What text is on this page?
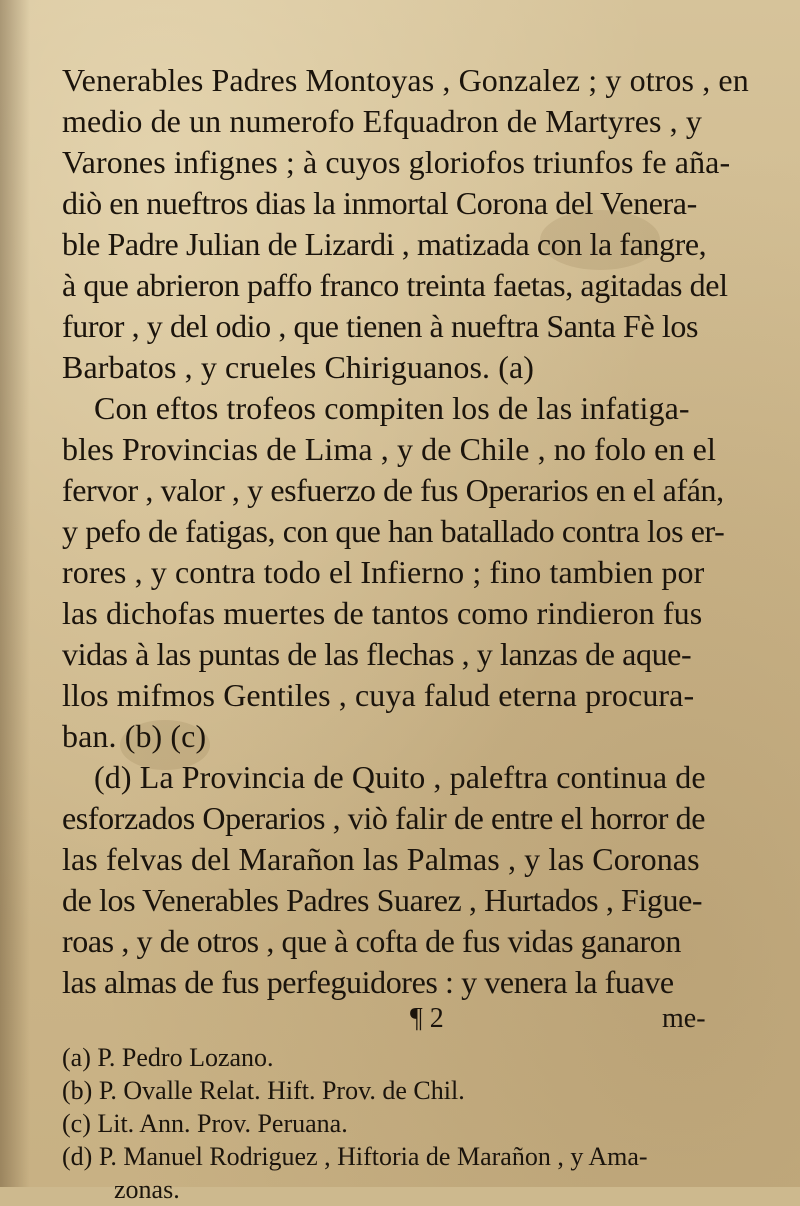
Venerables Padres Montoyas , Gonzalez ; y otros , en
medio de un numerofo Efquadron de Martyres , y
Varones infignes ; à cuyos gloriofos triunfos fe aña-
diò en nueftros dias la inmortal Corona del Venera-
ble Padre Julian de Lizardi , matizada con la fangre,
à que abrieron paffo franco treinta faetas, agitadas del
furor , y del odio , que tienen à nueftra Santa Fè los
Barbatos , y crueles Chiriguanos. (a)
Con eftos trofeos compiten los de las infatiga-
bles Provincias de Lima , y de Chile , no folo en el
fervor , valor , y esfuerzo de fus Operarios en el afán,
y pefo de fatigas, con que han batallado contra los er-
rores , y contra todo el Infierno ; fino tambien por
las dichofas muertes de tantos como rindieron fus
vidas à las puntas de las flechas , y lanzas de aque-
llos mifmos Gentiles , cuya falud eterna procura-
ban. (b) (c)
(d) La Provincia de Quito , paleftra continua de
esforzados Operarios , viò falir de entre el horror de
las felvas del Marañon las Palmas , y las Coronas
de los Venerables Padres Suarez , Hurtados , Figue-
roas , y de otros , que à cofta de fus vidas ganaron
las almas de fus perfeguidores : y venera la fuave
¶ 2	me-
(a) P. Pedro Lozano.
(b) P. Ovalle Relat. Hift. Prov. de Chil.
(c) Lit. Ann. Prov. Peruana.
(d) P. Manuel Rodriguez , Hiftoria de Marañon , y Ama-
zonas.
